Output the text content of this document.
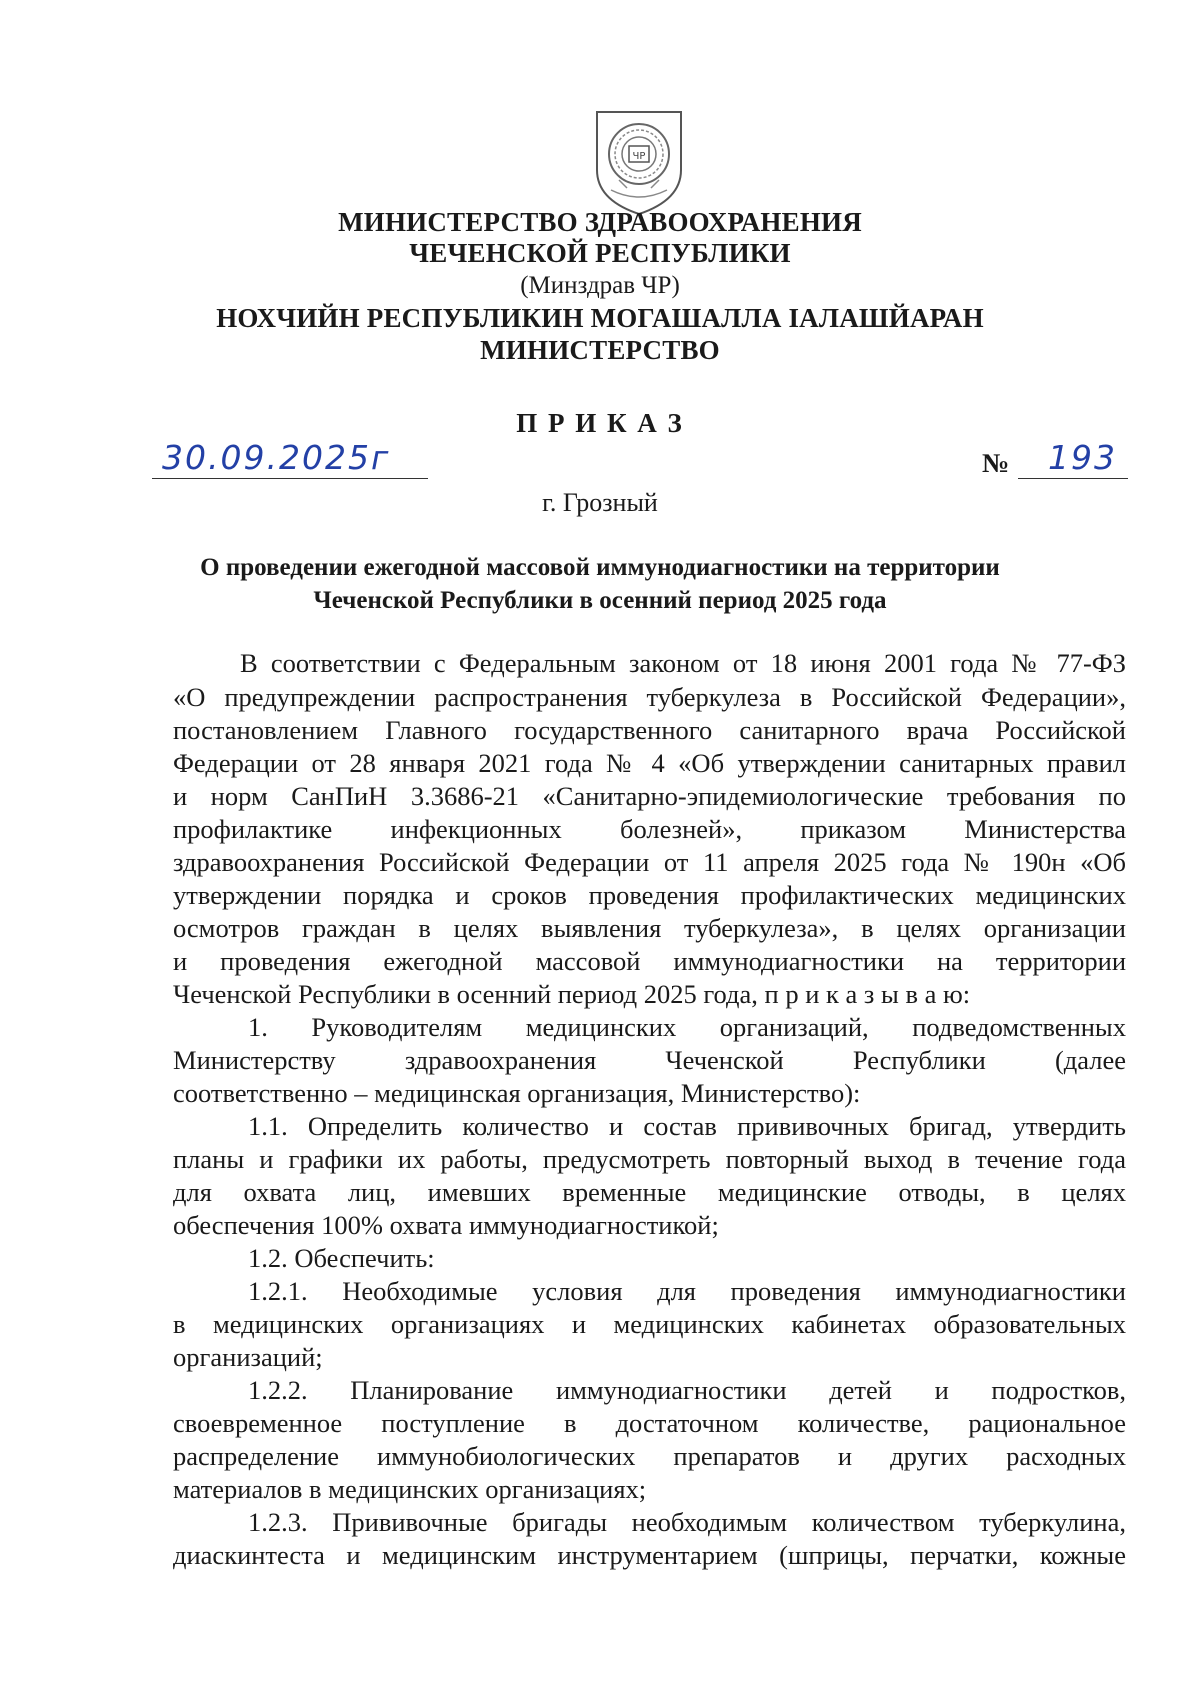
ЧР
МИНИСТЕРСТВО ЗДРАВООХРАНЕНИЯ
ЧЕЧЕНСКОЙ РЕСПУБЛИКИ
(Минздрав ЧР)
НОХЧИЙН РЕСПУБЛИКИН МОГАШАЛЛА ІАЛАШЙАРАН
МИНИСТЕРСТВО
П Р И К А З
30.09.2025г	№	193
г. Грозный
О проведении ежегодной массовой иммунодиагностики на территории
Чеченской Республики в осенний период 2025 года
В соответствии с Федеральным законом от 18 июня 2001 года № 77-ФЗ
«О предупреждении распространения туберкулеза в Российской Федерации»,
постановлением Главного государственного санитарного врача Российской
Федерации от 28 января 2021 года № 4 «Об утверждении санитарных правил
и норм СанПиН 3.3686-21 «Санитарно-эпидемиологические требования по
профилактике инфекционных болезней», приказом Министерства
здравоохранения Российской Федерации от 11 апреля 2025 года № 190н «Об
утверждении порядка и сроков проведения профилактических медицинских
осмотров граждан в целях выявления туберкулеза», в целях организации
и проведения ежегодной массовой иммунодиагностики на территории
Чеченской Республики в осенний период 2025 года, п р и к а з ы в а ю:
1. Руководителям медицинских организаций, подведомственных
Министерству здравоохранения Чеченской Республики (далее
соответственно – медицинская организация, Министерство):
1.1. Определить количество и состав прививочных бригад, утвердить
планы и графики их работы, предусмотреть повторный выход в течение года
для охвата лиц, имевших временные медицинские отводы, в целях
обеспечения 100% охвата иммунодиагностикой;
1.2. Обеспечить:
1.2.1. Необходимые условия для проведения иммунодиагностики
в медицинских организациях и медицинских кабинетах образовательных
организаций;
1.2.2. Планирование иммунодиагностики детей и подростков,
своевременное поступление в достаточном количестве, рациональное
распределение иммунобиологических препаратов и других расходных
материалов в медицинских организациях;
1.2.3. Прививочные бригады необходимым количеством туберкулина,
диаскинтеста и медицинским инструментарием (шприцы, перчатки, кожные
